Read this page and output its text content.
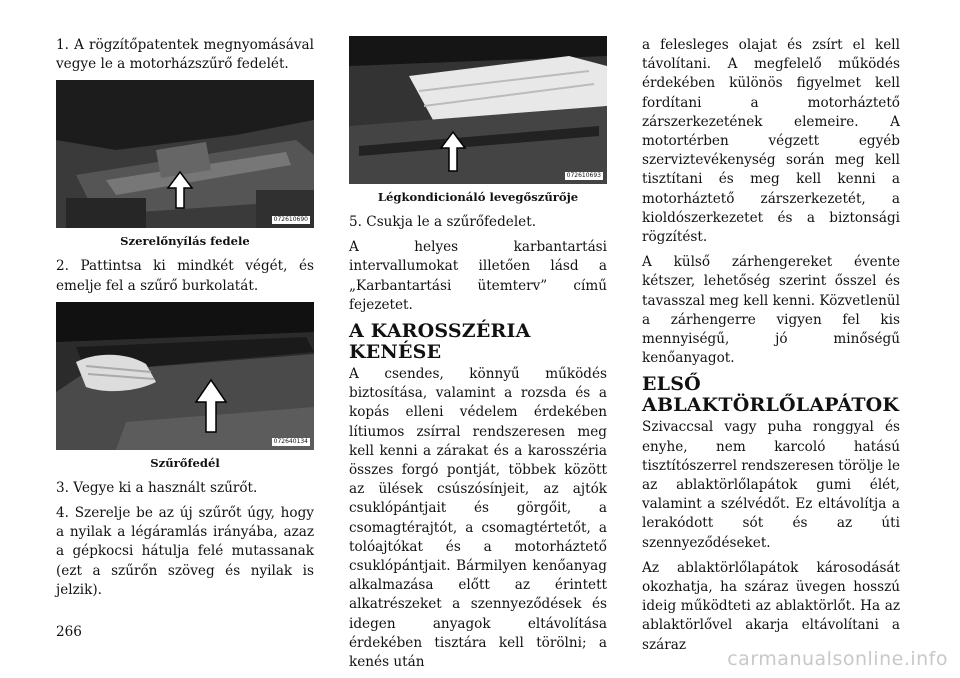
1. A rögzítőpatentek megnyomásával vegye le a motorházszűrő fedelét.

072610690
Szerelőnyílás fedele

2. Pattintsa ki mindkét végét, és emelje fel a szűrő burkolatát.

072640134
Szűrőfedél

3. Vegye ki a használt szűrőt.

4. Szerelje be az új szűrőt úgy, hogy a nyilak a légáramlás irányába, azaz a gépkocsi hátulja felé mutassanak (ezt a szűrőn szöveg és nyilak is jelzik).

072610693
Légkondicionáló levegőszűrője

5. Csukja le a szűrőfedelet.

A helyes karbantartási intervallumokat illetően lásd a „Karbantartási ütemterv” című fejezetet.

A KAROSSZÉRIA KENÉSE

A csendes, könnyű működés biztosítása, valamint a rozsda és a kopás elleni védelem érdekében lítiumos zsírral rendszeresen meg kell kenni a zárakat és a karosszéria összes forgó pontját, többek között az ülések csúszósínjeit, az ajtók csuklópántjait és görgőit, a csomagtérajtót, a csomagtértetőt, a tolóajtókat és a motorháztető csuklópántjait. Bármilyen kenőanyag alkalmazása előtt az érintett alkatrészeket a szennyeződések és idegen anyagok eltávolítása érdekében tisztára kell törölni; a kenés után

a felesleges olajat és zsírt el kell távolítani. A megfelelő működés érdekében különös figyelmet kell fordítani a motorháztető zárszerkezetének elemeire. A motortérben végzett egyéb szerviztevékenység során meg kell tisztítani és meg kell kenni a motorháztető zárszerkezetét, a kioldószerkezetet és a biztonsági rögzítést.

A külső zárhengereket évente kétszer, lehetőség szerint ősszel és tavasszal meg kell kenni. Közvetlenül a zárhengerre vigyen fel kis mennyiségű, jó minőségű kenőanyagot.

ELSŐ ABLAKTÖRLŐLAPÁTOK

Szivaccsal vagy puha ronggyal és enyhe, nem karcoló hatású tisztítószerrel rendszeresen törölje le az ablaktörlőlapátok gumi élét, valamint a szélvédőt. Ez eltávolítja a lerakódott sót és az úti szennyeződéseket.

Az ablaktörlőlapátok károsodását okozhatja, ha száraz üvegen hosszú ideig működteti az ablaktörlőt. Ha az ablaktörlővel akarja eltávolítani a száraz

266
carmanualsonline.info
